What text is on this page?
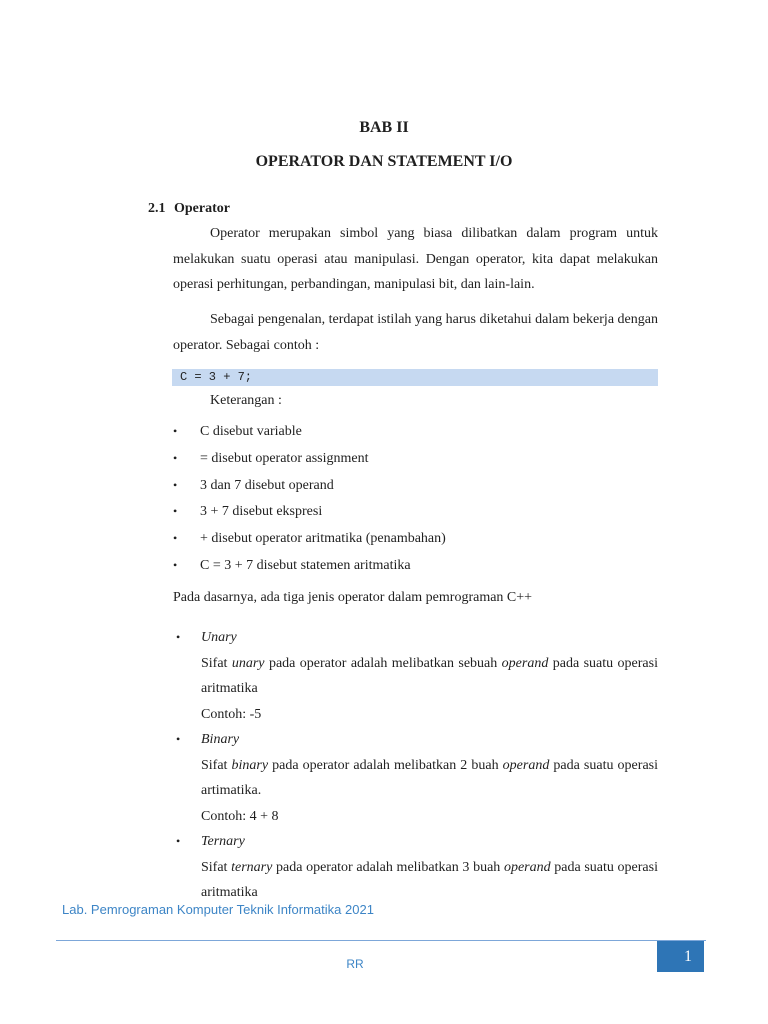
BAB II
OPERATOR DAN STATEMENT I/O
2.1 Operator
Operator merupakan simbol yang biasa dilibatkan dalam program untuk melakukan suatu operasi atau manipulasi. Dengan operator, kita dapat melakukan operasi perhitungan, perbandingan, manipulasi bit, dan lain-lain.
Sebagai pengenalan, terdapat istilah yang harus diketahui dalam bekerja dengan operator. Sebagai contoh :
C = 3 + 7;
Keterangan :
• C disebut variable
• = disebut operator assignment
• 3 dan 7 disebut operand
• 3 + 7 disebut ekspresi
• + disebut operator aritmatika (penambahan)
• C = 3 + 7 disebut statemen aritmatika
Pada dasarnya, ada tiga jenis operator dalam pemrograman C++
• Unary
Sifat unary pada operator adalah melibatkan sebuah operand pada suatu operasi aritmatika
Contoh: -5
• Binary
Sifat binary pada operator adalah melibatkan 2 buah operand pada suatu operasi artimatika.
Contoh: 4 + 8
• Ternary
Sifat ternary pada operator adalah melibatkan 3 buah operand pada suatu operasi aritmatika
Lab. Pemrograman Komputer Teknik Informatika 2021
RR	1
